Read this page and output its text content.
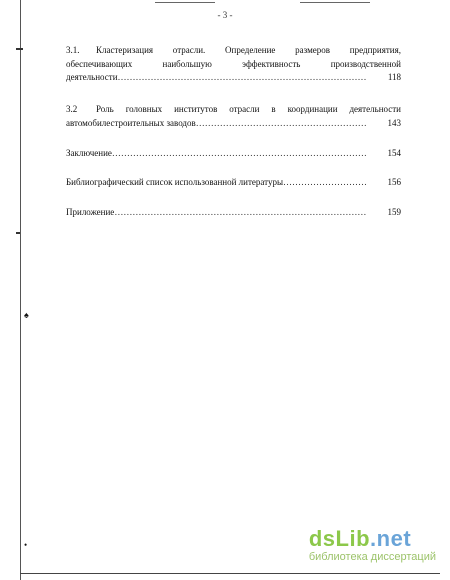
♠
•
- 3 -
3.1.	Кластеризация отрасли. Определение размеров предприятия,
обеспечивающих наибольшую эффективность производственной
деятельности …………………………………………………………………………………………………………………………	118
3.2	Роль головных институтов отрасли в координации деятельности
автомобилестроительных заводов …………………………………………………………………………………………………………………………	143
Заключение …………………………………………………………………………………………………………………………	154
Библиографический список использованной литературы …………………………………………………………………………………………………………………………	156
Приложение …………………………………………………………………………………………………………………………	159
dsLib.net
библиотека диссертаций
